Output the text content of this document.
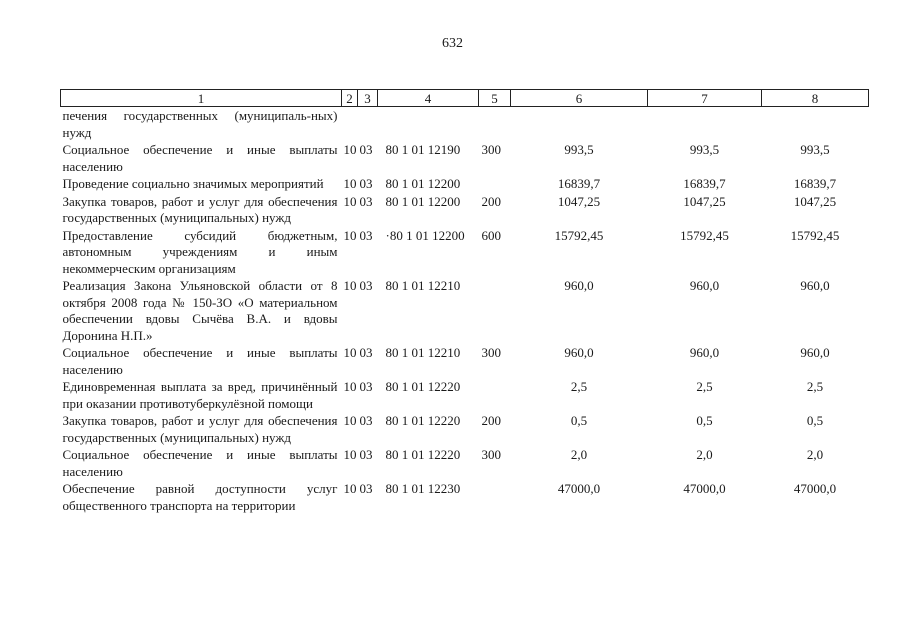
632
1	2	3	4	5	6	7	8
печения государственных (муниципаль-ных) нужд							
Социальное обеспечение и иные выплаты населению	10	03	80 1 01 12190	300	993,5	993,5	993,5
Проведение социально значимых мероприятий	10	03	80 1 01 12200		16839,7	16839,7	16839,7
Закупка товаров, работ и услуг для обеспечения государственных (муниципальных) нужд	10	03	80 1 01 12200	200	1047,25	1047,25	1047,25
Предоставление субсидий бюджетным, автономным учреждениям и иным некоммерческим организациям	10	03	·80 1 01 12200	600	15792,45	15792,45	15792,45
Реализация Закона Ульяновской области от 8 октября 2008 года № 150-ЗО «О материальном обеспечении вдовы Сычёва В.А. и вдовы Доронина Н.П.»	10	03	80 1 01 12210		960,0	960,0	960,0
Социальное обеспечение и иные выплаты населению	10	03	80 1 01 12210	300	960,0	960,0	960,0
Единовременная выплата за вред, причинённый при оказании противотуберкулёзной помощи	10	03	80 1 01 12220		2,5	2,5	2,5
Закупка товаров, работ и услуг для обеспечения государственных (муниципальных) нужд	10	03	80 1 01 12220	200	0,5	0,5	0,5
Социальное обеспечение и иные выплаты населению	10	03	80 1 01 12220	300	2,0	2,0	2,0
Обеспечение равной доступности услуг общественного транспорта на территории	10	03	80 1 01 12230		47000,0	47000,0	47000,0
